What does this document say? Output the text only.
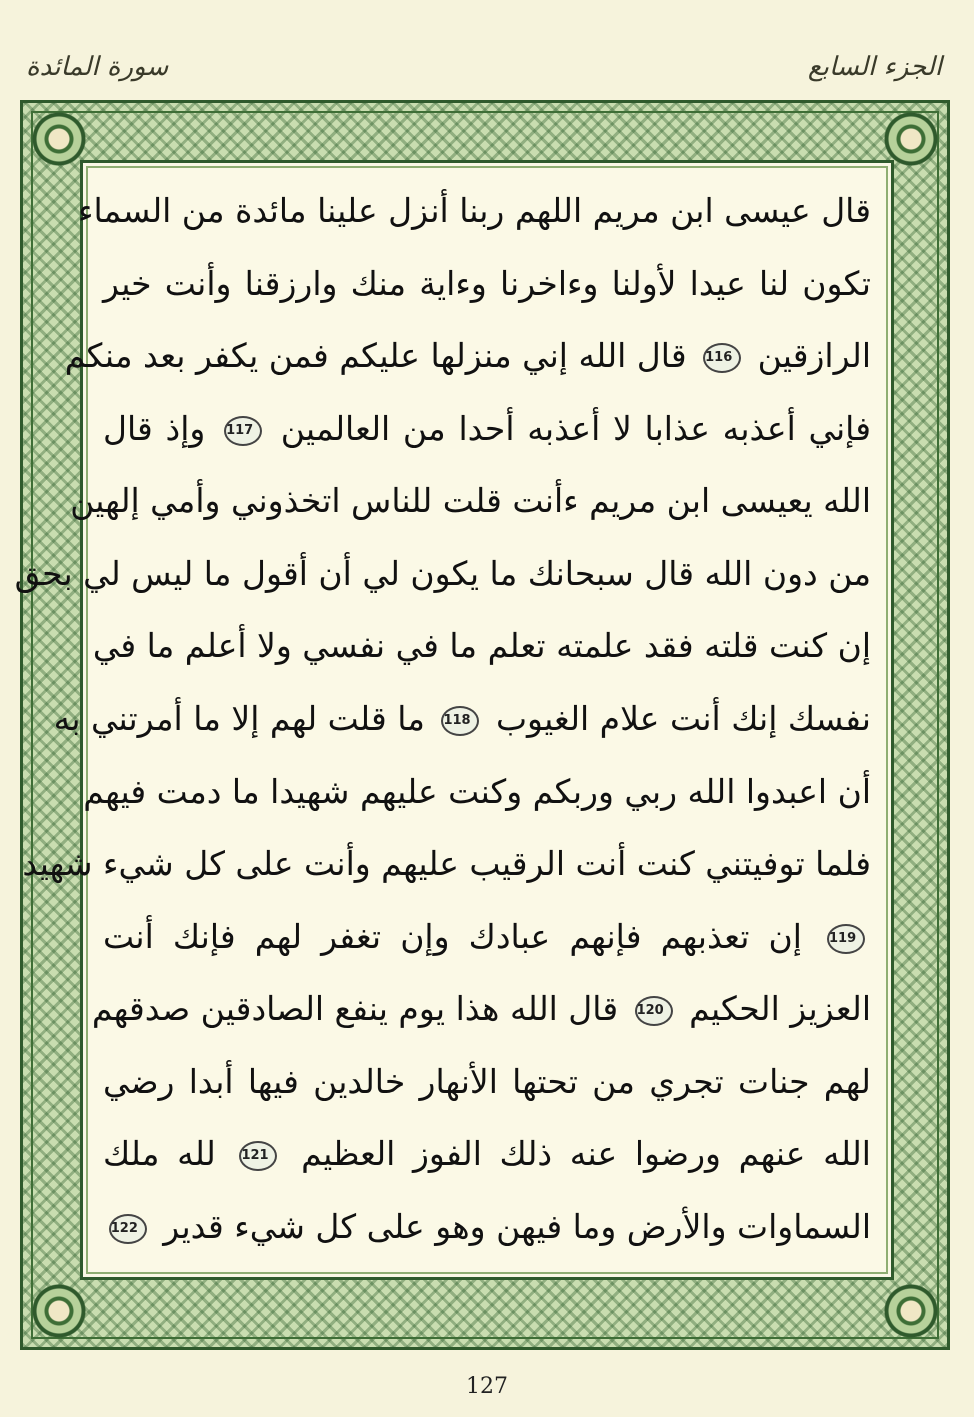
الجزء السابع
سورة المائدة
قال عيسى ابن مريم اللهم ربنا أنزل علينا مائدة من السماء
تكون لنا عيدا لأولنا وءاخرنا وءاية منك وارزقنا وأنت خير
الرازقين 116 قال الله إني منزلها عليكم فمن يكفر بعد منكم
فإني أعذبه عذابا لا أعذبه أحدا من العالمين 117 وإذ قال
الله يعيسى ابن مريم ءأنت قلت للناس اتخذوني وأمي إلهين
من دون الله قال سبحانك ما يكون لي أن أقول ما ليس لي بحق
إن كنت قلته فقد علمته تعلم ما في نفسي ولا أعلم ما في
نفسك إنك أنت علام الغيوب 118 ما قلت لهم إلا ما أمرتني به
أن اعبدوا الله ربي وربكم وكنت عليهم شهيدا ما دمت فيهم
فلما توفيتني كنت أنت الرقيب عليهم وأنت على كل شيء شهيد
119 إن تعذبهم فإنهم عبادك وإن تغفر لهم فإنك أنت
العزيز الحكيم 120 قال الله هذا يوم ينفع الصادقين صدقهم
لهم جنات تجري من تحتها الأنهار خالدين فيها أبدا رضي
الله عنهم ورضوا عنه ذلك الفوز العظيم 121 لله ملك
السماوات والأرض وما فيهن وهو على كل شيء قدير 122
127
